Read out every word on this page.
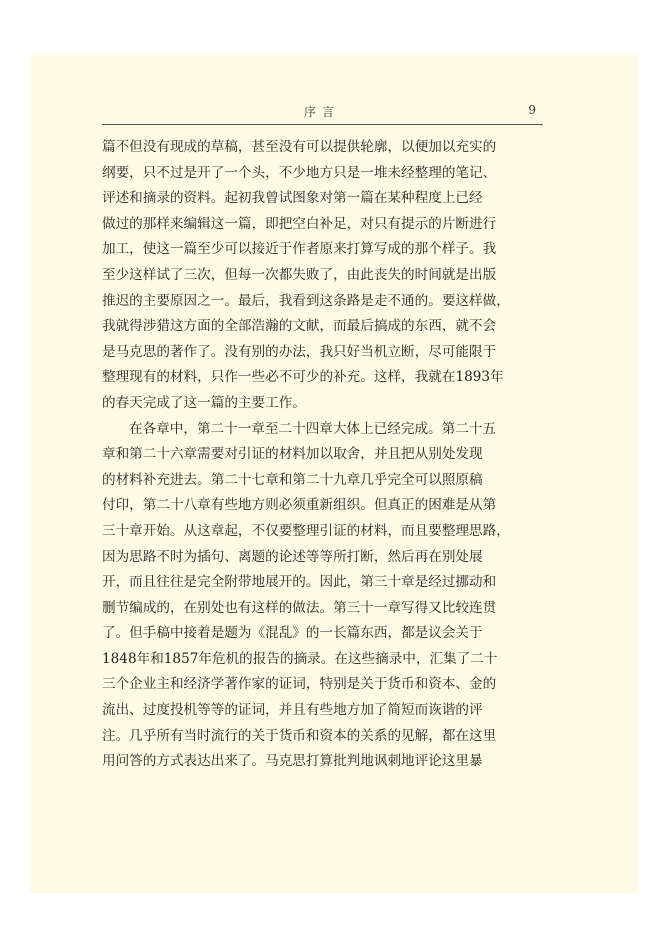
序言	9
篇不但没有现成的草稿，甚至没有可以提供轮廓，以便加以充实的
纲要，只不过是开了一个头，不少地方只是一堆未经整理的笔记、
评述和摘录的资料。起初我曾试图象对第一篇在某种程度上已经
做过的那样来编辑这一篇，即把空白补足，对只有提示的片断进行
加工，使这一篇至少可以接近于作者原来打算写成的那个样子。我
至少这样试了三次，但每一次都失败了，由此丧失的时间就是出版
推迟的主要原因之一。最后，我看到这条路是走不通的。要这样做，
我就得涉猎这方面的全部浩瀚的文献，而最后搞成的东西，就不会
是马克思的著作了。没有别的办法，我只好当机立断，尽可能限于
整理现有的材料，只作一些必不可少的补充。这样，我就在1893年
的春天完成了这一篇的主要工作。
在各章中，第二十一章至二十四章大体上已经完成。第二十五
章和第二十六章需要对引证的材料加以取舍，并且把从别处发现
的材料补充进去。第二十七章和第二十九章几乎完全可以照原稿
付印，第二十八章有些地方则必须重新组织。但真正的困难是从第
三十章开始。从这章起，不仅要整理引证的材料，而且要整理思路，
因为思路不时为插句、离题的论述等等所打断，然后再在别处展
开，而且往往是完全附带地展开的。因此，第三十章是经过挪动和
删节编成的，在别处也有这样的做法。第三十一章写得又比较连贯
了。但手稿中接着是题为《混乱》的一长篇东西，都是议会关于
1848年和1857年危机的报告的摘录。在这些摘录中，汇集了二十
三个企业主和经济学著作家的证词，特别是关于货币和资本、金的
流出、过度投机等等的证词，并且有些地方加了简短而诙谐的评
注。几乎所有当时流行的关于货币和资本的关系的见解，都在这里
用问答的方式表达出来了。马克思打算批判地讽刺地评论这里暴
